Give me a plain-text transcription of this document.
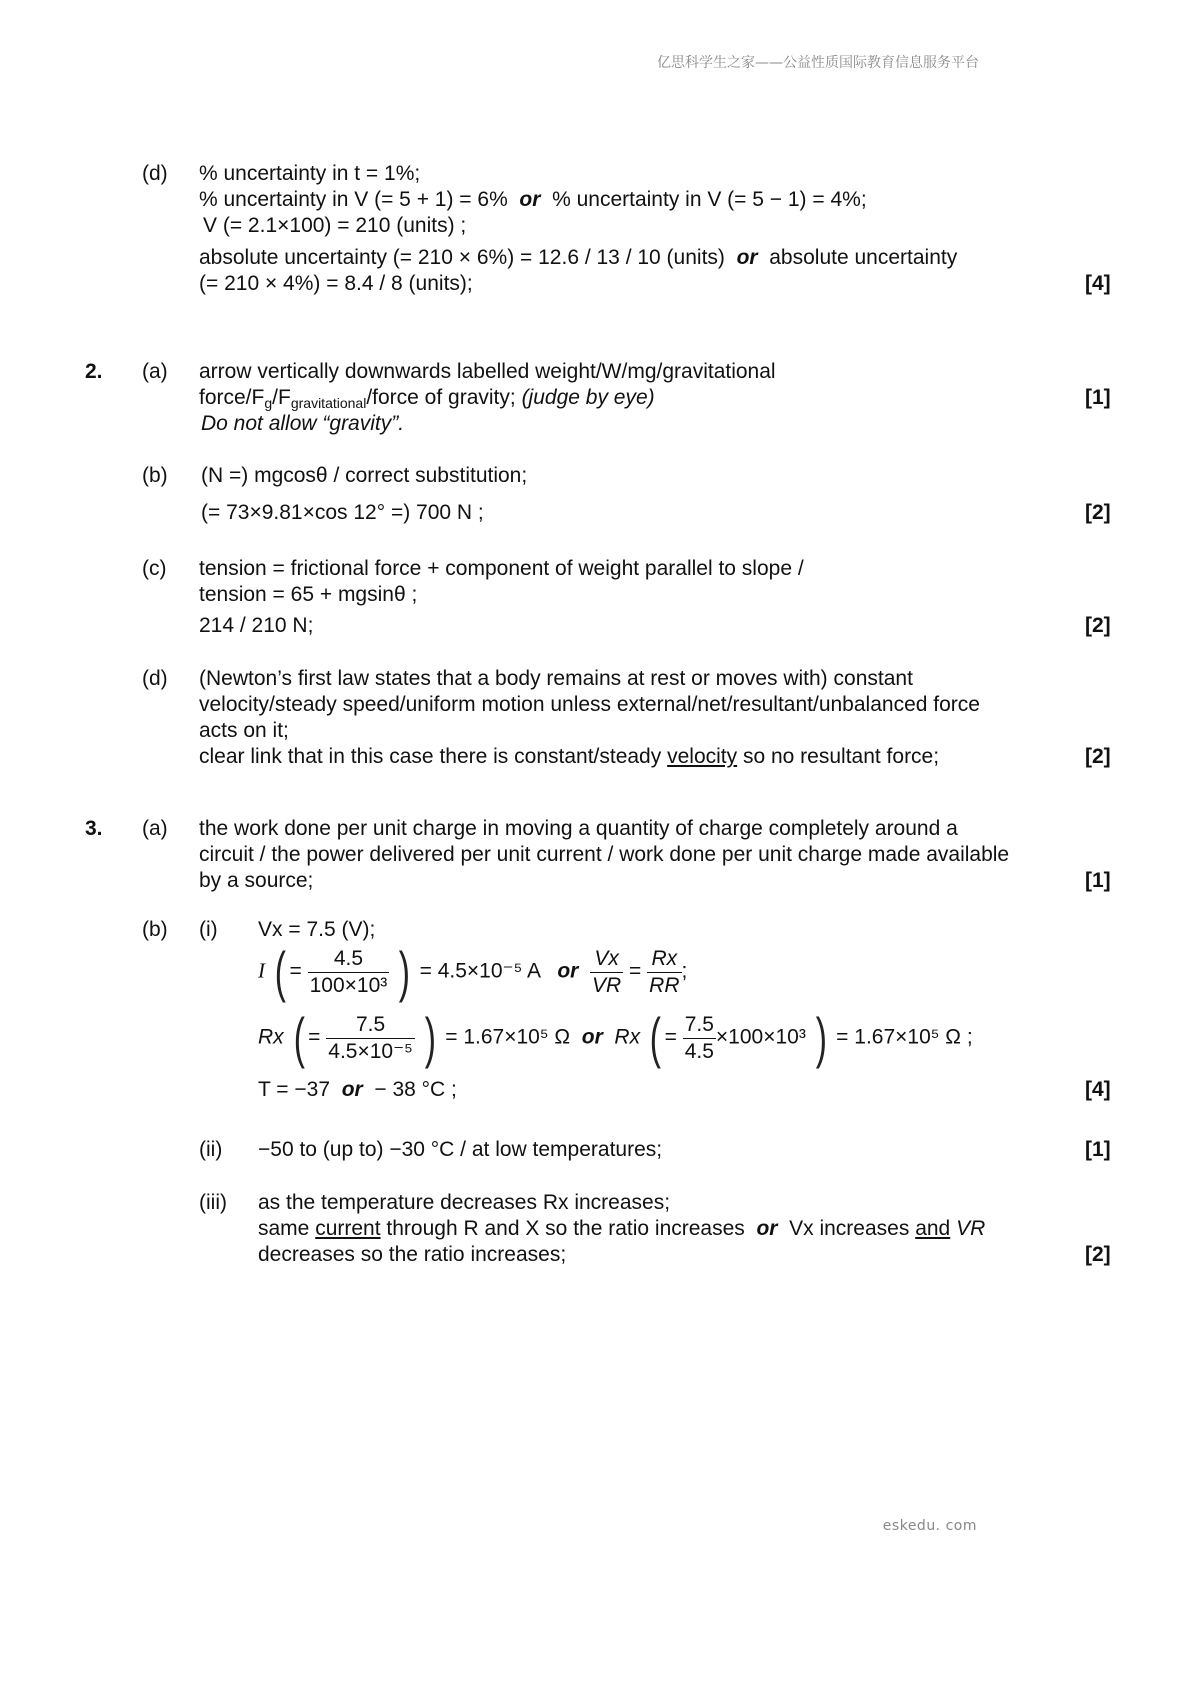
亿思科学生之家——公益性质国际教育信息服务平台
(d) % uncertainty in t = 1%;
% uncertainty in V (= 5 + 1) = 6% or % uncertainty in V (= 5 − 1) = 4%;
V (= 2.1×100) = 210 (units) ;
absolute uncertainty (= 210 × 6%) = 12.6 / 13 / 10 (units) or absolute uncertainty
(= 210 × 4%) = 8.4 / 8 (units);	[4]
2. (a) arrow vertically downwards labelled weight/W/mg/gravitational
force/$F_g/F_{gravitational}$/force of gravity; (judge by eye)	[1]
Do not allow “gravity”.
(b) (N =) mgcosθ / correct substitution;
(= 73×9.81×cos 12° =) 700 N ;	[2]
(c) tension = frictional force + component of weight parallel to slope /
tension = 65 + mgsinθ ;
214 / 210 N;	[2]
(d) (Newton’s first law states that a body remains at rest or moves with) constant
velocity/steady speed/uniform motion unless external/net/resultant/unbalanced force
acts on it;
clear link that in this case there is constant/steady velocity so no resultant force;	[2]
3. (a) the work done per unit charge in moving a quantity of charge completely around a
circuit / the power delivered per unit current / work done per unit charge made available
by a source;	[1]
(b) (i) Vx = 7.5 (V);
I ( = $\frac{4.5}{\text{100×10³}}$ ) = 4.5×10⁻⁵ A or $\frac{Vx}{VR} = \frac{Rx}{RR}$ ;
Rx ( = $\frac{7.5}{\text{4.5×10⁻⁵}}$ ) = 1.67×10⁵ Ω or Rx ( = $\frac{7.5}{4.5} \times 100\times 10^3$ ) = 1.67×10⁵ Ω ;
T = −37 or − 38 °C ;	[4]
(ii) −50 to (up to) −30 °C / at low temperatures;	[1]
(iii) as the temperature decreases Rx increases;
same current through R and X so the ratio increases or Vx increases and VR
decreases so the ratio increases;	[2]
eskedu. com
